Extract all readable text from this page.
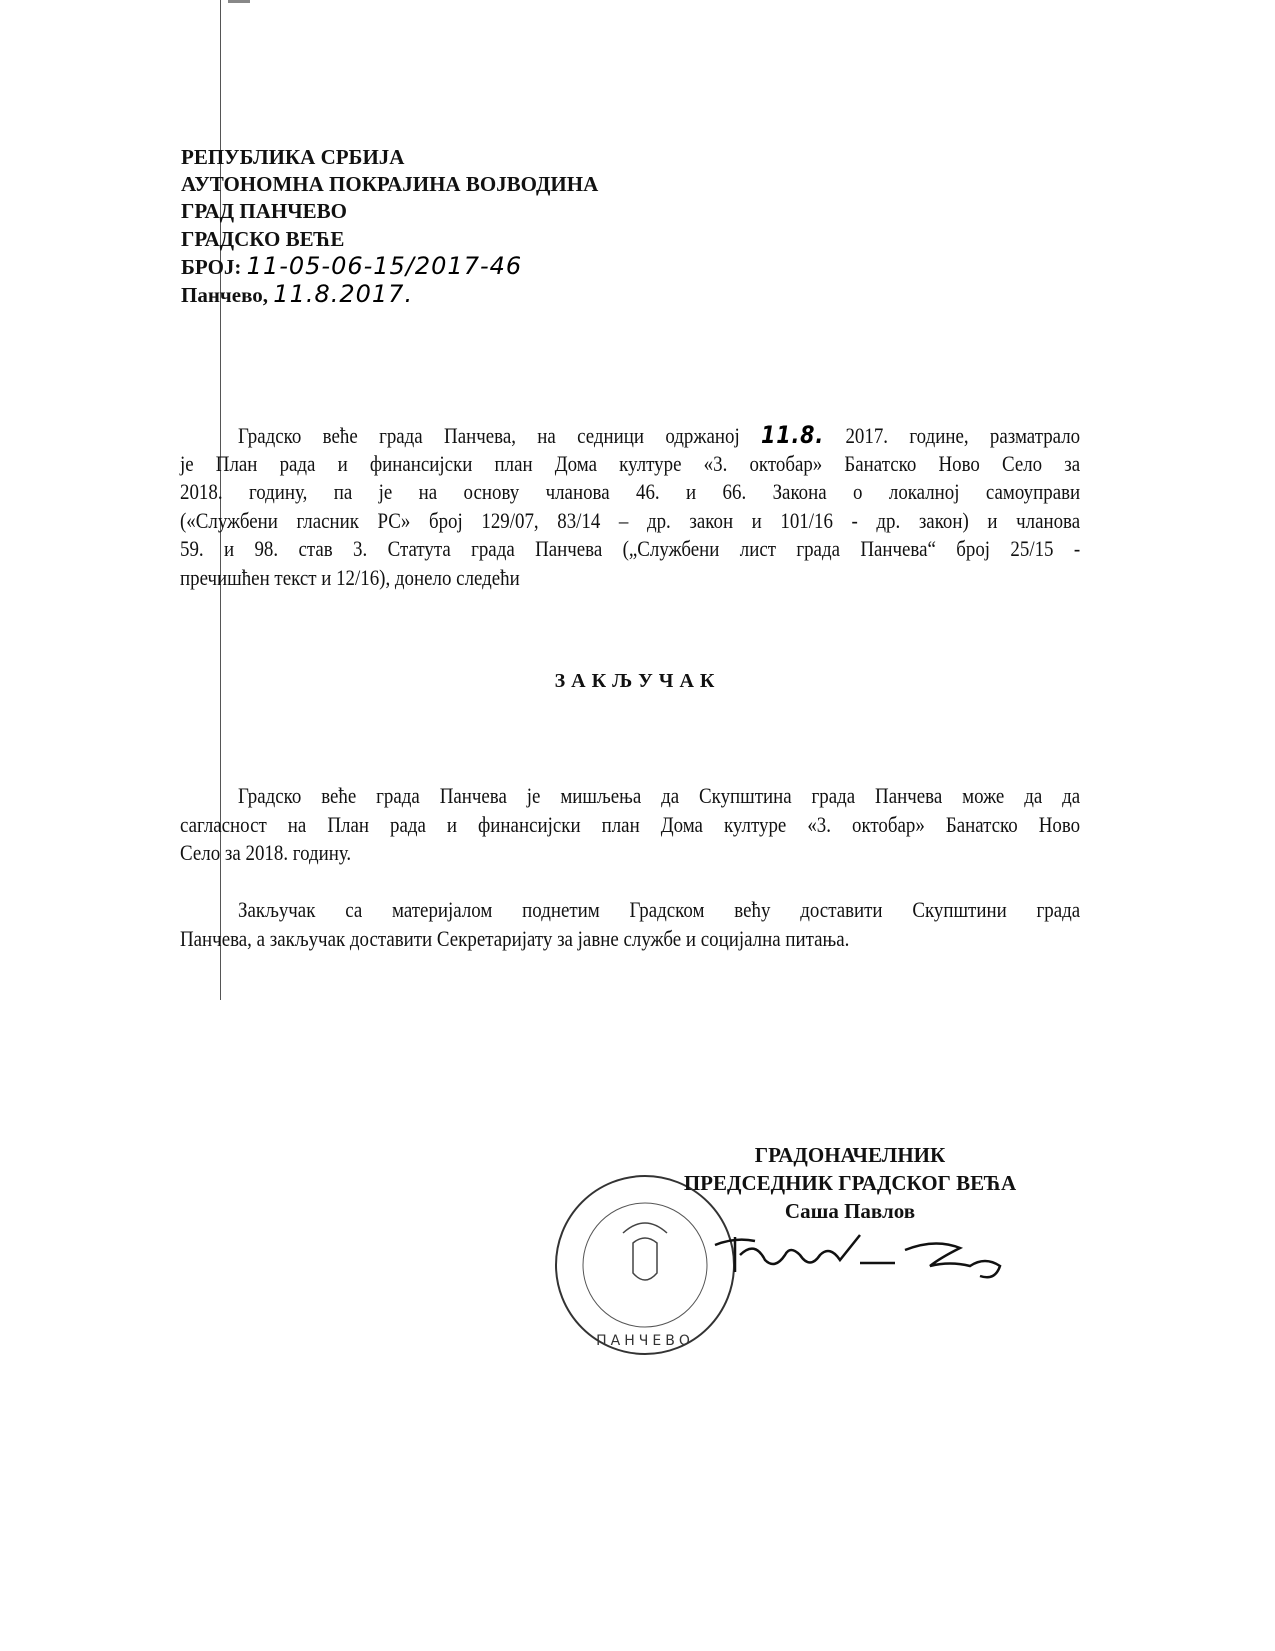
РЕПУБЛИКА СРБИЈА
АУТОНОМНА ПОКРАЈИНА ВОЈВОДИНА
ГРАД ПАНЧЕВО
ГРАДСКО ВЕЋЕ
БРОЈ: 11-05-06-15/2017-46
Панчево, 11.8.2017.
Градско веће града Панчева, на седници одржаној 11.8. 2017. године, разматрало
је План рада и финансијски план Дома културе «3. октобар» Банатско Ново Село за
2018. годину, па је на основу чланова 46. и 66. Закона о локалној самоуправи
(«Службени гласник РС» број 129/07, 83/14 – др. закон и 101/16 - др. закон) и чланова
59. и 98. став 3. Статута града Панчева („Службени лист града Панчева“ број 25/15 -
пречишћен текст и 12/16), донело следећи
ЗАКЉУЧАК
Градско веће града Панчева је мишљења да Скупштина града Панчева може да да
сагласност на План рада и финансијски план Дома културе «3. октобар» Банатско Ново
Село за 2018. годину.
Закључак са материјалом поднетим Градском већу доставити Скупштини града
Панчева, а закључак доставити Секретаријату за јавне службе и социјална питања.
ПАНЧЕВО
ГРАДОНАЧЕЛНИК
ПРЕДСЕДНИК ГРАДСКОГ ВЕЋА
Саша Павлов
